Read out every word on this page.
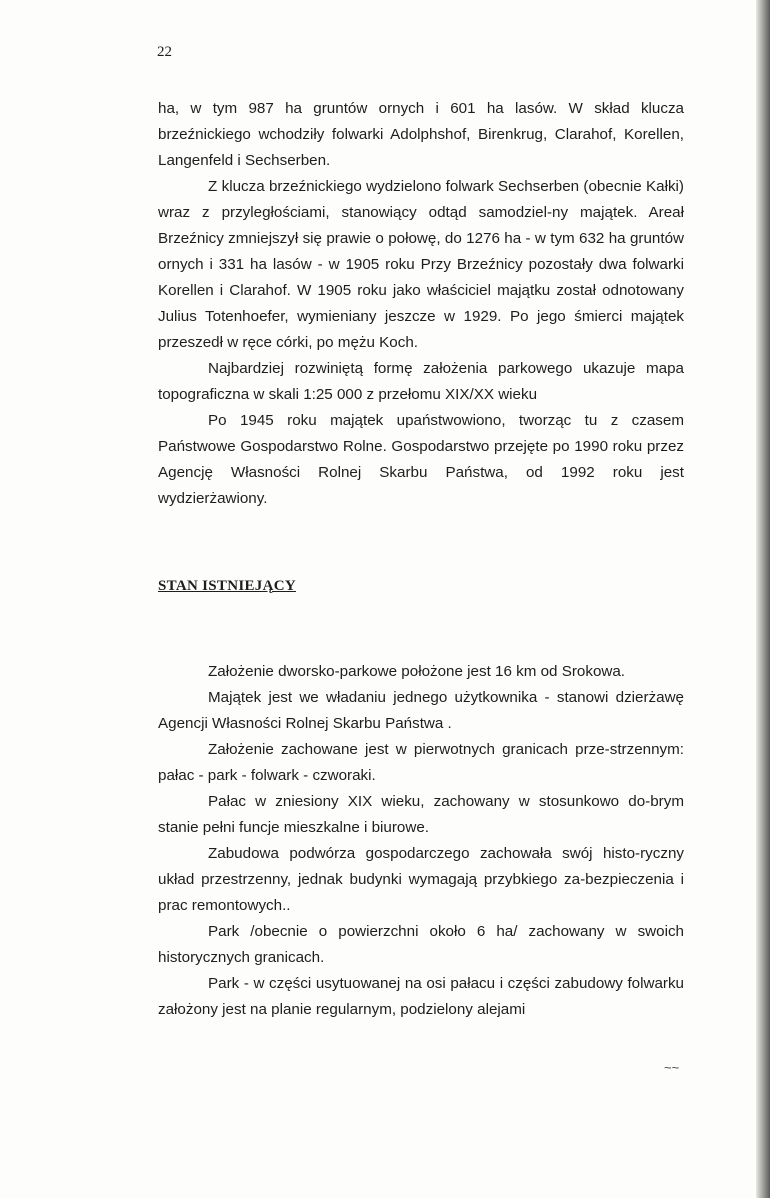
22

ha, w tym 987 ha gruntów ornych i 601 ha lasów. W skład klucza brzeźnickiego wchodziły folwarki Adolphshof, Birenkrug, Clarahof, Korellen, Langenfeld i Sechserben.

Z klucza brzeźnickiego wydzielono folwark Sechserben (obecnie Kałki) wraz z przyległościami, stanowiący odtąd samodziel-ny majątek. Areał Brzeźnicy zmniejszył się prawie o połowę, do 1276 ha - w tym 632 ha gruntów ornych i 331 ha lasów - w 1905 roku Przy Brzeźnicy pozostały dwa folwarki Korellen i Clarahof. W 1905 roku jako właściciel majątku został odnotowany Julius Totenhoefer, wymieniany jeszcze w 1929. Po jego śmierci majątek przeszedł w ręce córki, po mężu Koch.

Najbardziej rozwiniętą formę założenia parkowego ukazuje mapa topograficzna w skali 1:25 000 z przełomu XIX/XX wieku

Po 1945 roku majątek upaństwowiono, tworząc tu z czasem Państwowe Gospodarstwo Rolne. Gospodarstwo przejęte po 1990 roku przez Agencję Własności Rolnej Skarbu Państwa, od 1992 roku jest wydzierżawiony.

STAN ISTNIEJĄCY

Założenie dworsko-parkowe położone jest 16 km od Srokowa.

Majątek jest we władaniu jednego użytkownika - stanowi dzierżawę Agencji Własności Rolnej Skarbu Państwa .

Założenie zachowane jest w pierwotnych granicach prze-strzennym: pałac - park - folwark - czworaki.

Pałac w zniesiony XIX wieku, zachowany w stosunkowo do-brym stanie pełni funcje mieszkalne i biurowe.

Zabudowa podwórza gospodarczego zachowała swój histo-ryczny układ przestrzenny, jednak budynki wymagają przybkiego za-bezpieczenia i prac remontowych..

Park /obecnie o powierzchni około 6 ha/ zachowany w swoich historycznych granicach.

Park - w części usytuowanej na osi pałacu i części zabudowy folwarku założony jest na planie regularnym, podzielony alejami

~~
